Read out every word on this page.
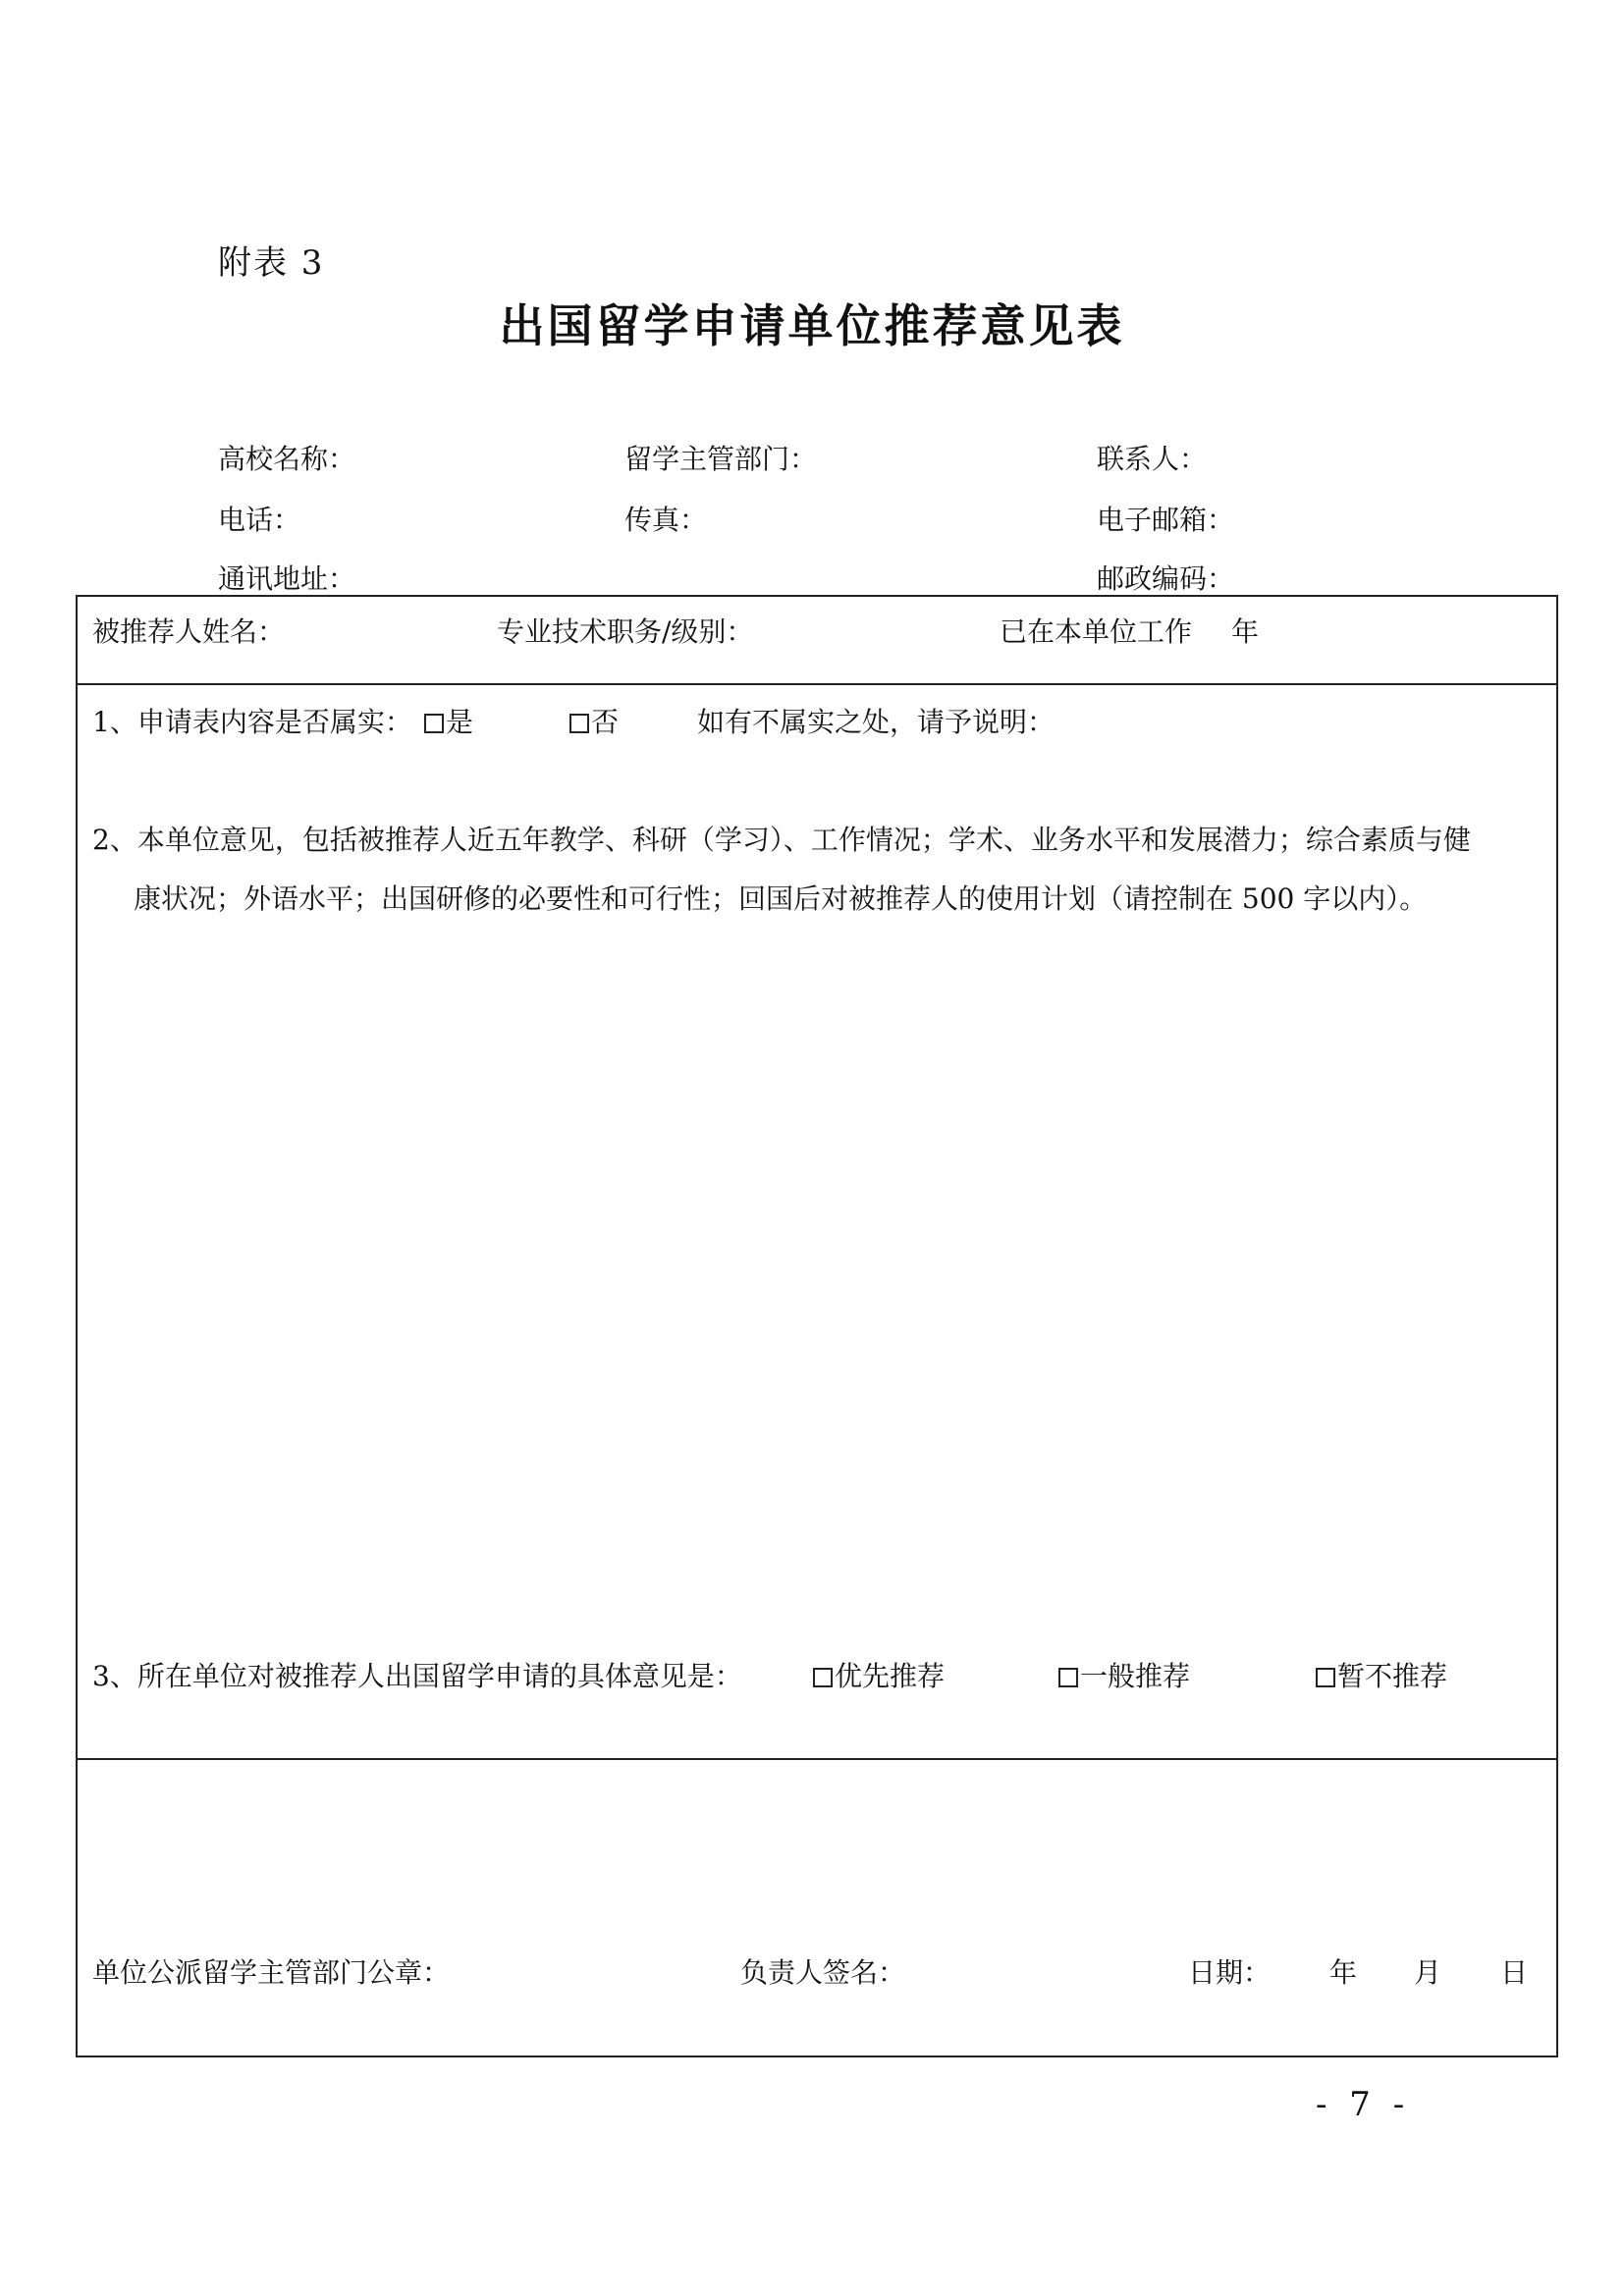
附表 3
出国留学申请单位推荐意见表
高校名称：	留学主管部门：	联系人：
电话：	传真：	电子邮箱：
通讯地址：	邮政编码：
被推荐人姓名：	专业技术职务/级别：	已在本单位工作 年
1、申请表内容是否属实：	是	否	如有不属实之处，请予说明：
2、本单位意见，包括被推荐人近五年教学、科研（学习）、工作情况；学术、业务水平和发展潜力；综合素质与健
康状况；外语水平；出国研修的必要性和可行性；回国后对被推荐人的使用计划（请控制在 500 字以内）。
3、所在单位对被推荐人出国留学申请的具体意见是：	优先推荐	一般推荐	暂不推荐
单位公派留学主管部门公章：	负责人签名：	日期： 年 月 日
- 7 -
